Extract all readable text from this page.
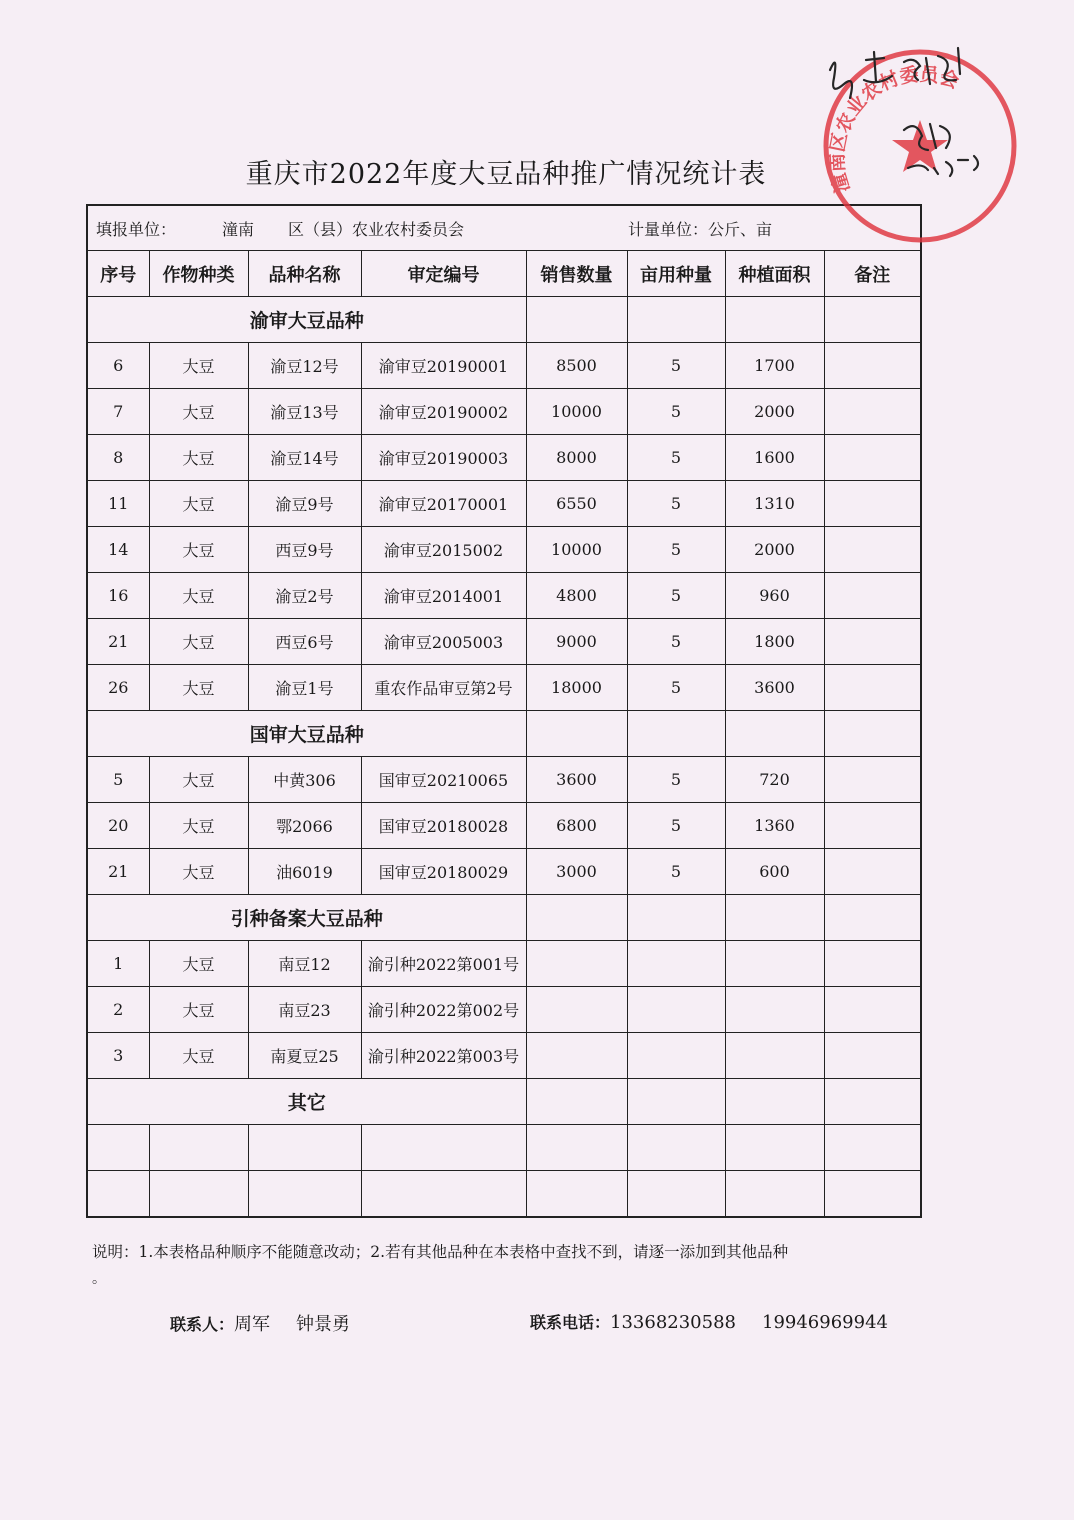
重庆市2022年度大豆品种推广情况统计表
填报单位：	潼南 区（县）农业农村委员会	计量单位：公斤、亩
序号	作物种类	品种名称	审定编号	销售数量	亩用种量	种植面积	备注
渝审大豆品种							
6	大豆	渝豆12号	渝审豆20190001	8500	5	1700	
7	大豆	渝豆13号	渝审豆20190002	10000	5	2000	
8	大豆	渝豆14号	渝审豆20190003	8000	5	1600	
11	大豆	渝豆9号	渝审豆20170001	6550	5	1310	
14	大豆	西豆9号	渝审豆2015002	10000	5	2000	
16	大豆	渝豆2号	渝审豆2014001	4800	5	960	
21	大豆	西豆6号	渝审豆2005003	9000	5	1800	
26	大豆	渝豆1号	重农作品审豆第2号	18000	5	3600	
国审大豆品种							
5	大豆	中黄306	国审豆20210065	3600	5	720	
20	大豆	鄂2066	国审豆20180028	6800	5	1360	
21	大豆	油6019	国审豆20180029	3000	5	600	
引种备案大豆品种							
1	大豆	南豆12	渝引种2022第001号				
2	大豆	南豆23	渝引种2022第002号				
3	大豆	南夏豆25	渝引种2022第003号				
其它							

说明：1.本表格品种顺序不能随意改动；2.若有其他品种在本表格中查找不到，请逐一添加到其他品种
。
联系人：周军 钟景勇	联系电话：13368230588 19946969944
潼南区农业农村委员会
